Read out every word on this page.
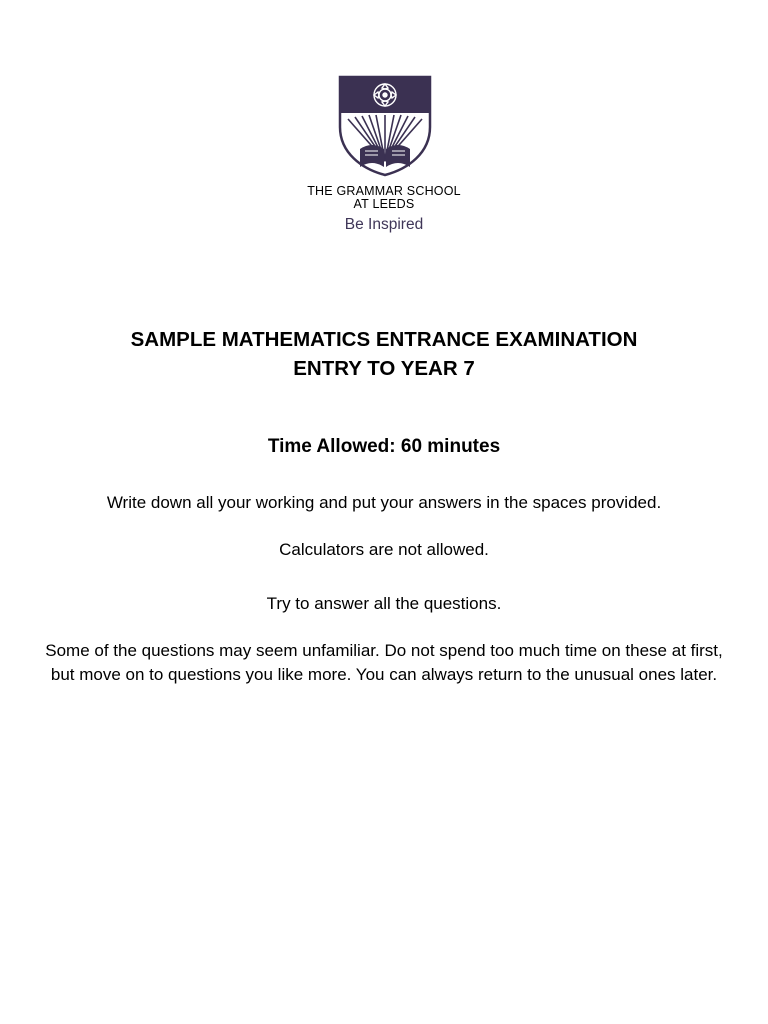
THE GRAMMAR SCHOOL
AT LEEDS
Be Inspired
SAMPLE MATHEMATICS ENTRANCE EXAMINATION
ENTRY TO YEAR 7
Time Allowed: 60 minutes

Write down all your working and put your answers in the spaces provided.

Calculators are not allowed.

Try to answer all the questions.

Some of the questions may seem unfamiliar. Do not spend too much time on these at first, but move on to questions you like more. You can always return to the unusual ones later.
